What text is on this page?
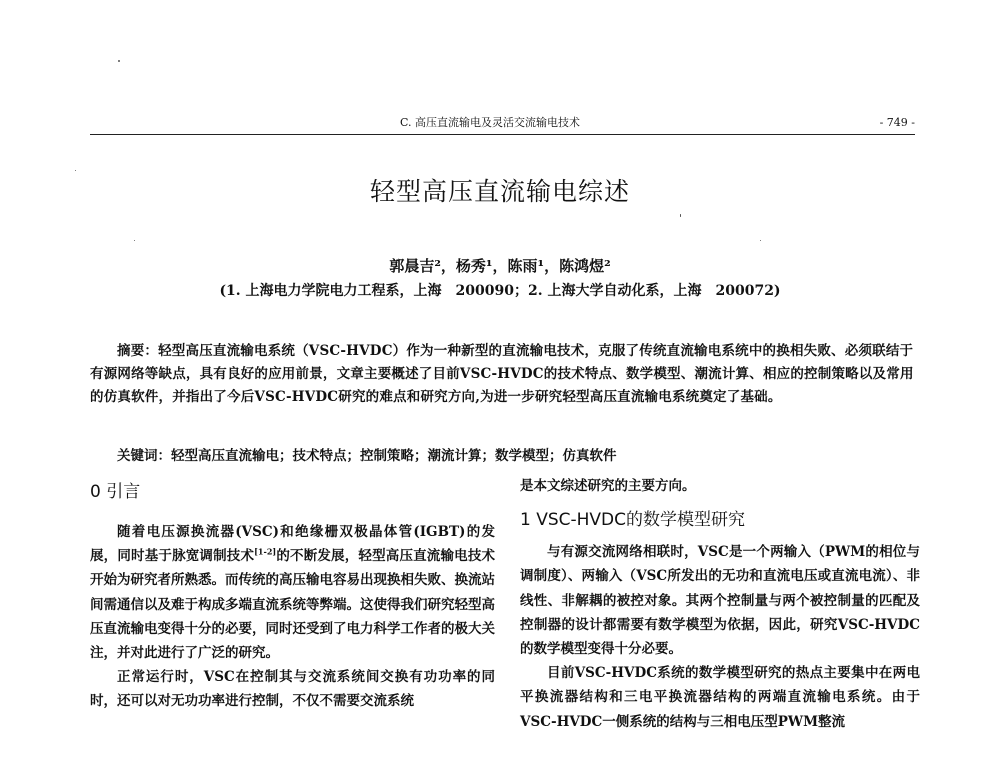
C. 高压直流输电及灵活交流输电技术	- 749 -
轻型高压直流输电综述
郭晨吉²，杨秀¹，陈雨¹，陈鸿煜²
(1. 上海电力学院电力工程系，上海　200090；2. 上海大学自动化系，上海　200072)

摘要：轻型高压直流输电系统（VSC-HVDC）作为一种新型的直流输电技术，克服了传统直流输电系统中的换相失败、必须联结于有源网络等缺点，具有良好的应用前景，文章主要概述了目前VSC-HVDC的技术特点、数学模型、潮流计算、相应的控制策略以及常用的仿真软件，并指出了今后VSC-HVDC研究的难点和研究方向,为进一步研究轻型高压直流输电系统奠定了基础。

关键词：轻型高压直流输电；技术特点；控制策略；潮流计算；数学模型；仿真软件
0 引言

随着电压源换流器(VSC)和绝缘栅双极晶体管(IGBT)的发展，同时基于脉宽调制技术[1-2]的不断发展，轻型高压直流输电技术开始为研究者所熟悉。而传统的高压输电容易出现换相失败、换流站间需通信以及难于构成多端直流系统等弊端。这使得我们研究轻型高压直流输电变得十分的必要，同时还受到了电力科学工作者的极大关注，并对此进行了广泛的研究。

正常运行时，VSC在控制其与交流系统间交换有功功率的同时，还可以对无功功率进行控制，不仅不需要交流系统

是本文综述研究的主要方向。

1 VSC-HVDC的数学模型研究

与有源交流网络相联时，VSC是一个两输入（PWM的相位与调制度）、两输入（VSC所发出的无功和直流电压或直流电流）、非线性、非解耦的被控对象。其两个控制量与两个被控制量的匹配及控制器的设计都需要有数学模型为依据，因此，研究VSC-HVDC的数学模型变得十分必要。

目前VSC-HVDC系统的数学模型研究的热点主要集中在两电平换流器结构和三电平换流器结构的两端直流输电系统。由于VSC-HVDC一侧系统的结构与三相电压型PWM整流
